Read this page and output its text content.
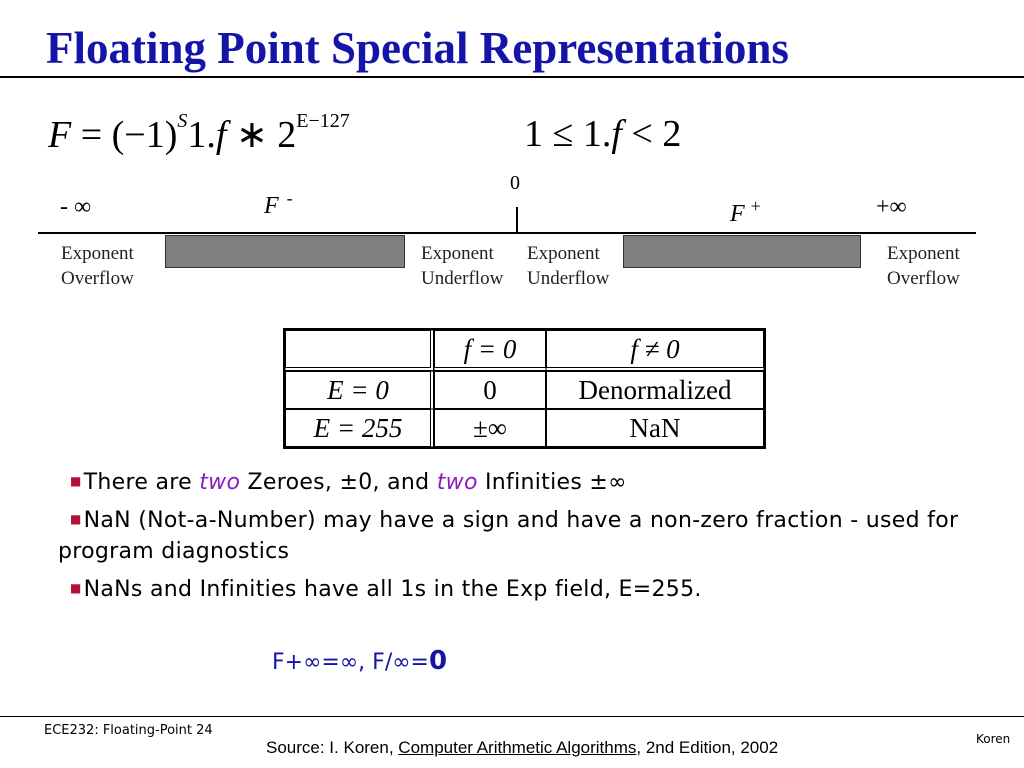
Floating Point Special Representations
$F = (-1)^S1.f$ ∗ $2^{E-127}$	1 ≤ 1.f < 2
0
- ∞	+∞
F -
F +
Exponent
Overflow
Exponent
Underflow
Exponent
Underflow
Exponent
Overflow
	f = 0	f ≠ 0
E = 0	0	Denormalized
E = 255	±∞	NaN

■There are two Zeroes, ±0, and two Infinities ±∞

■NaN (Not-a-Number) may have a sign and have a non-zero fraction - used for program diagnostics

■NaNs and Infinities have all 1s in the Exp field, E=255.

F+∞=∞, F/∞=0
ECE232: Floating-Point 24
Koren
Source: I. Koren, Computer Arithmetic Algorithms, 2nd Edition, 2002
